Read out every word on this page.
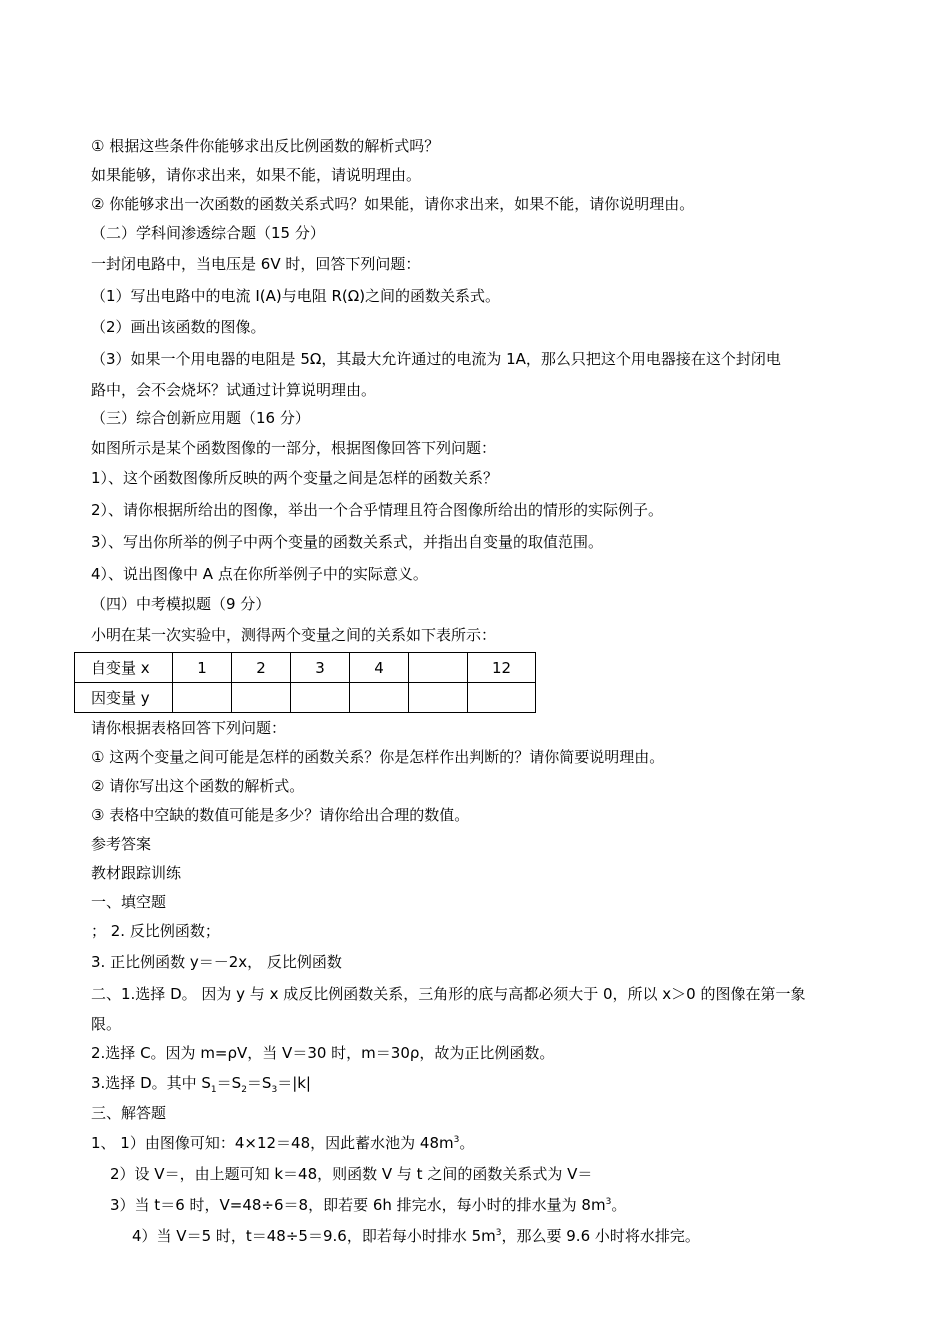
① 根据这些条件你能够求出反比例函数的解析式吗？
如果能够，请你求出来，如果不能，请说明理由。
② 你能够求出一次函数的函数关系式吗？如果能，请你求出来，如果不能，请你说明理由。
（二）学科间渗透综合题（15 分）
一封闭电路中，当电压是 6V 时，回答下列问题：
（1）写出电路中的电流 I(A)与电阻 R(Ω)之间的函数关系式。
（2）画出该函数的图像。
（3）如果一个用电器的电阻是 5Ω，其最大允许通过的电流为 1A，那么只把这个用电器接在这个封闭电
路中，会不会烧坏？试通过计算说明理由。
（三）综合创新应用题（16 分）
如图所示是某个函数图像的一部分，根据图像回答下列问题：
1）、这个函数图像所反映的两个变量之间是怎样的函数关系？
2）、请你根据所给出的图像，举出一个合乎情理且符合图像所给出的情形的实际例子。
3）、写出你所举的例子中两个变量的函数关系式，并指出自变量的取值范围。
4）、说出图像中 A 点在你所举例子中的实际意义。
（四）中考模拟题（9 分）
小明在某一次实验中，测得两个变量之间的关系如下表所示：
自变量 x	1	2	3	4		12
因变量 y						
请你根据表格回答下列问题：
① 这两个变量之间可能是怎样的函数关系？你是怎样作出判断的？请你简要说明理由。
② 请你写出这个函数的解析式。
③ 表格中空缺的数值可能是多少？请你给出合理的数值。
参考答案
教材跟踪训练
一、填空题
； 2. 反比例函数；
3. 正比例函数 y＝－2x， 反比例函数
二、1.选择 D。 因为 y 与 x 成反比例函数关系，三角形的底与高都必须大于 0，所以 x＞0 的图像在第一象
限。
2.选择 C。因为 m=ρV，当 V＝30 时，m＝30ρ，故为正比例函数。
3.选择 D。其中 $S_1=S_2=S_3=|k|$
三、解答题
1、 1）由图像可知：4×12＝48，因此蓄水池为 $48m^3$。
2）设 V＝，由上题可知 k＝48，则函数 V 与 t 之间的函数关系式为 V＝
3）当 t＝6 时，V=48÷6＝8，即若要 6h 排完水，每小时的排水量为 $8m^3$。
4）当 V＝5 时，t＝48÷5＝9.6，即若每小时排水 $5m^3$，那么要 9.6 小时将水排完。
